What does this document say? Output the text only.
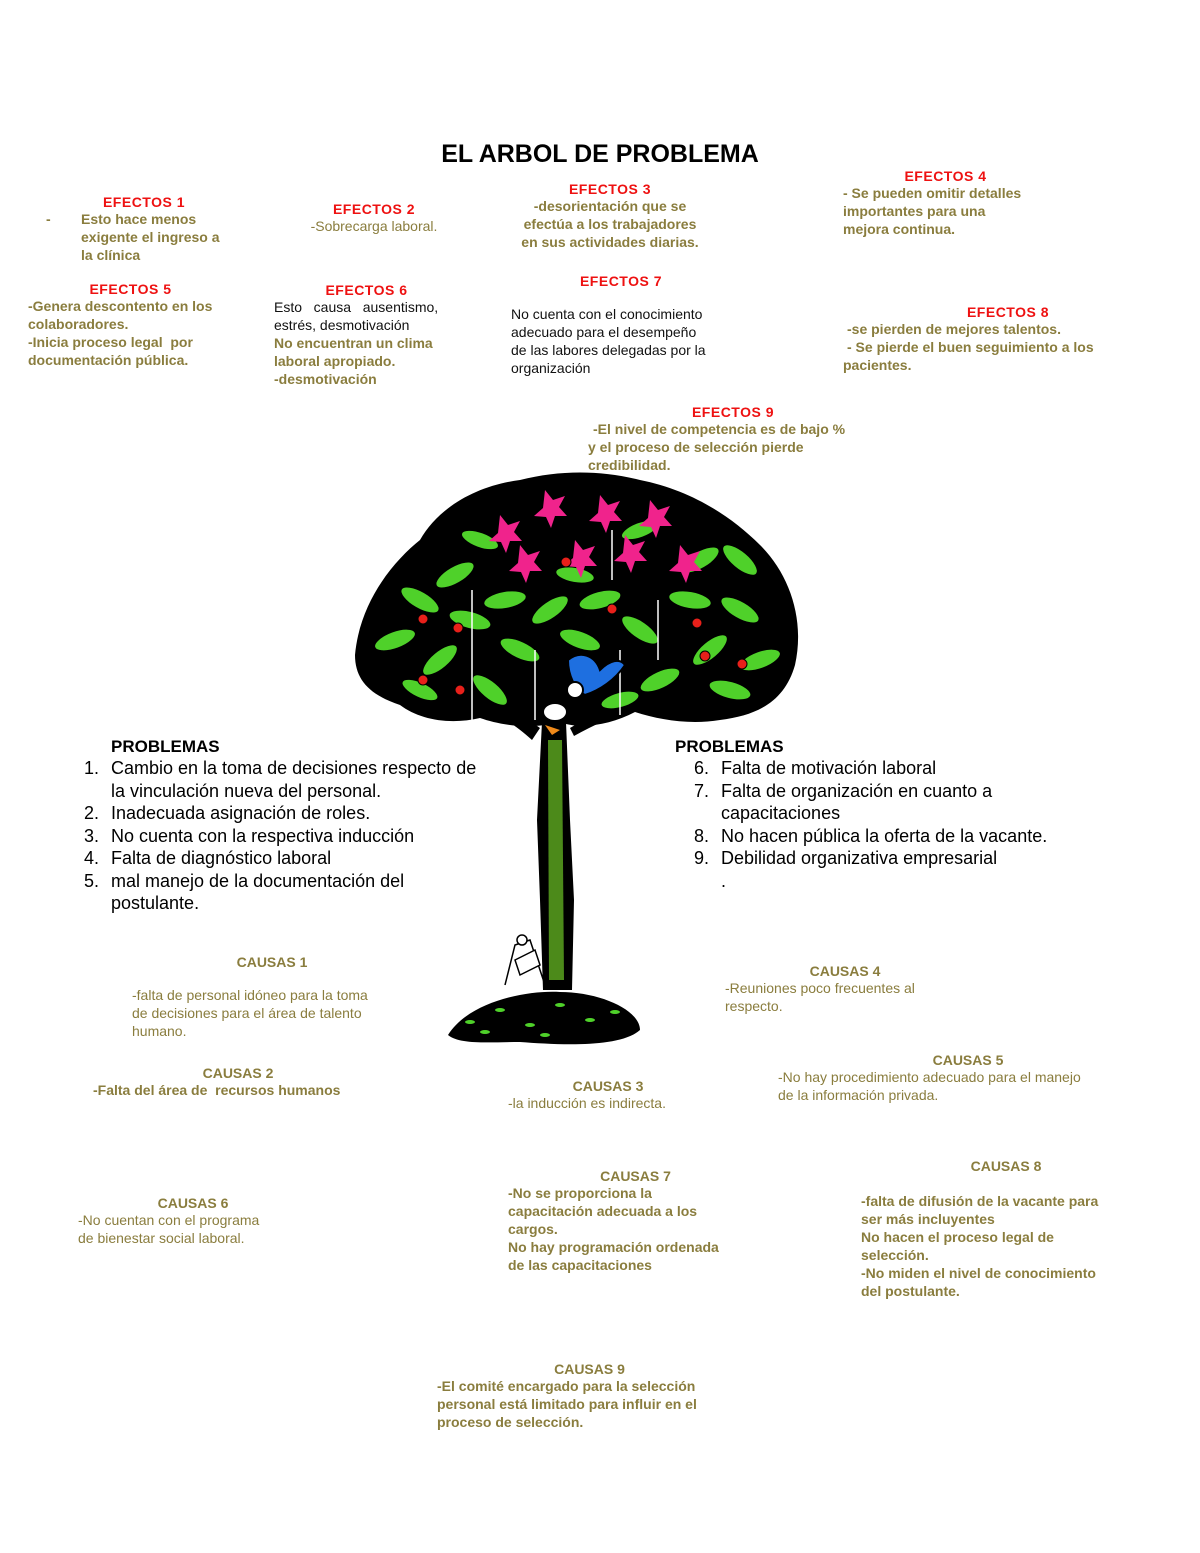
EL ARBOL DE PROBLEMA
EFECTOS 1
- Esto hace menos
exigente el ingreso a
la clínica
EFECTOS 2
-Sobrecarga laboral.
EFECTOS 3
-desorientación que se
efectúa a los trabajadores
en sus actividades diarias.
EFECTOS 4
- Se pueden omitir detalles
importantes para una
mejora continua.
EFECTOS 5
-Genera descontento en los
colaboradores.
-Inicia proceso legal  por
documentación pública.
EFECTOS 6
Esto   causa   ausentismo,
estrés, desmotivación
No encuentran un clima
laboral apropiado.
-desmotivación
EFECTOS 7
No cuenta con el conocimiento
adecuado para el desempeño
de las labores delegadas por la
organización
EFECTOS 8
-se pierden de mejores talentos.
- Se pierde el buen seguimiento a los
pacientes.
EFECTOS 9
-El nivel de competencia es de bajo %
y el proceso de selección pierde
credibilidad.
PROBLEMAS
1. Cambio en la toma de decisiones respecto de
la vinculación nueva del personal.
2. Inadecuada asignación de roles.
3. No cuenta con la respectiva inducción
4. Falta de diagnóstico laboral
5. mal manejo de la documentación del
postulante.
PROBLEMAS
6. Falta de motivación laboral
7. Falta de organización en cuanto a
capacitaciones
8. No hacen pública la oferta de la vacante.
9. Debilidad organizativa empresarial
.
CAUSAS 1
-falta de personal idóneo para la toma
de decisiones para el área de talento
humano.
CAUSAS 2
-Falta del área de  recursos humanos	CAUSAS 3
-la inducción es indirecta.
CAUSAS 4
-Reuniones poco frecuentes al
respecto.
CAUSAS 5
-No hay procedimiento adecuado para el manejo
de la información privada.
CAUSAS 6
-No cuentan con el programa
de bienestar social laboral.
CAUSAS 7
-No se proporciona la
capacitación adecuada a los
cargos.
No hay programación ordenada
de las capacitaciones
CAUSAS 8
-falta de difusión de la vacante para
ser más incluyentes
No hacen el proceso legal de
selección.
-No miden el nivel de conocimiento
del postulante.
CAUSAS 9
-El comité encargado para la selección
personal está limitado para influir en el
proceso de selección.
